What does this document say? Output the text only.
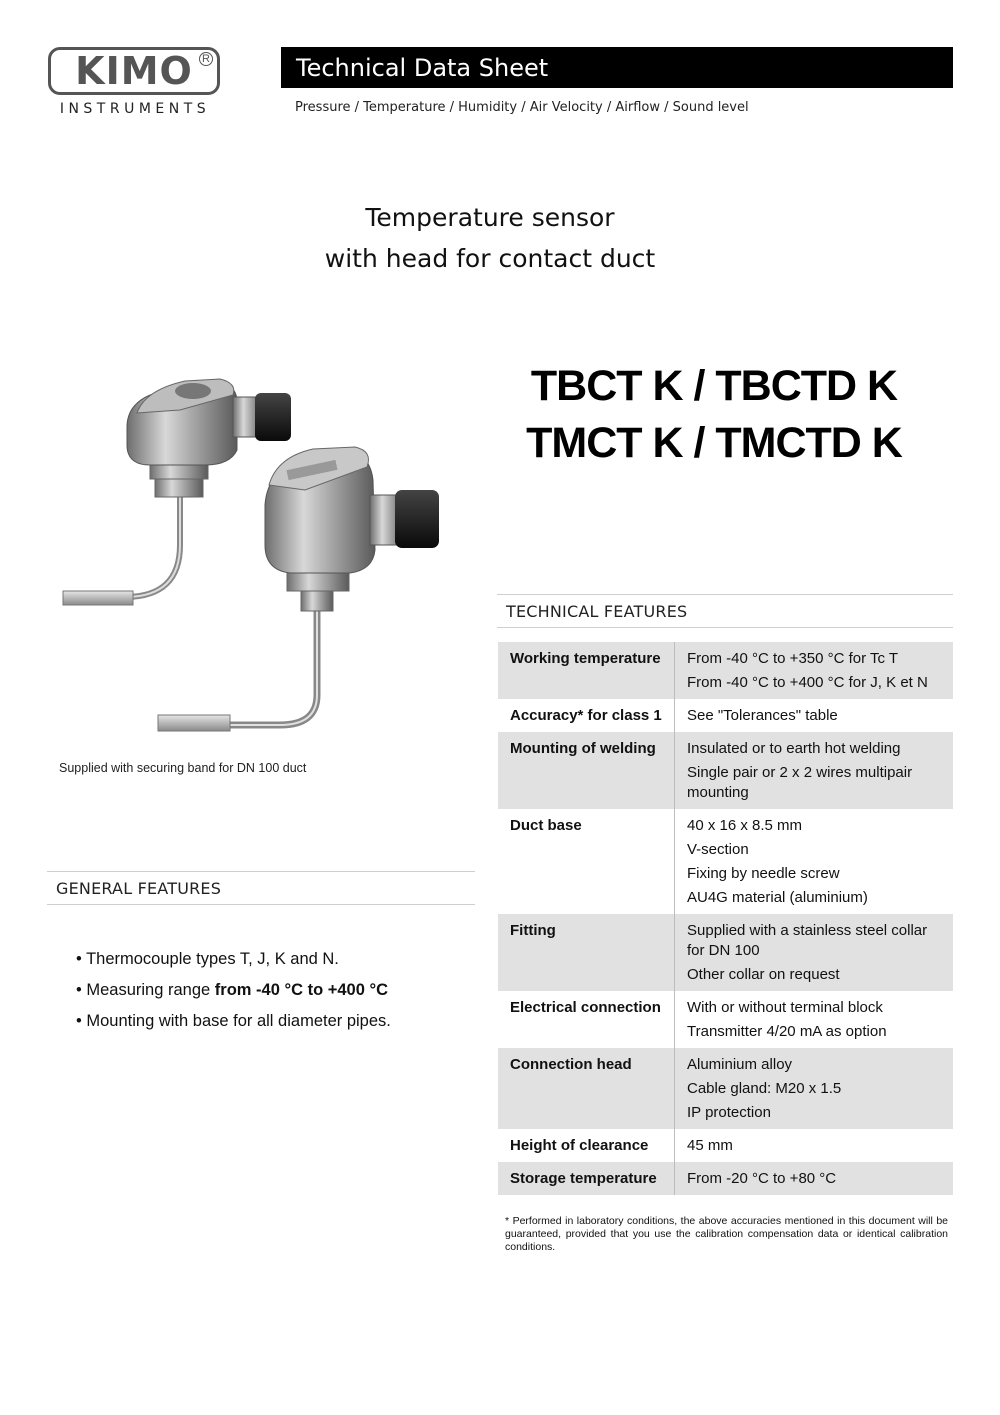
KIMO R
INSTRUMENTS
Technical Data Sheet
Pressure / Temperature / Humidity / Air Velocity / Airflow / Sound level
Temperature sensor
with head for contact duct
TBCT K / TBCTD K
TMCT K / TMCTD K
Supplied with securing band for DN 100 duct
GENERAL FEATURES
• Thermocouple types T, J, K and N.
• Measuring range from -40 °C to +400 °C
• Mounting with base for all diameter pipes.
TECHNICAL FEATURES
Working temperature	From -40 °C to +350 °C for Tc T
From -40 °C to +400 °C for J, K et N

Accuracy* for class 1	See "Tolerances" table

Mounting of welding	Insulated or to earth hot welding
Single pair or 2 x 2 wires multipair mounting

Duct base	40 x 16 x 8.5 mm
V-section
Fixing by needle screw
AU4G material (aluminium)

Fitting	Supplied with a stainless steel collar for DN 100
Other collar on request

Electrical connection	With or without terminal block
Transmitter 4/20 mA as option

Connection head	Aluminium alloy
Cable gland: M20 x 1.5
IP protection

Height of clearance	45 mm

Storage temperature	From -20 °C to +80 °C
* Performed in laboratory conditions, the above accuracies mentioned in this document will be guaranteed, provided that you use the calibration compensation data or identical calibration conditions.
